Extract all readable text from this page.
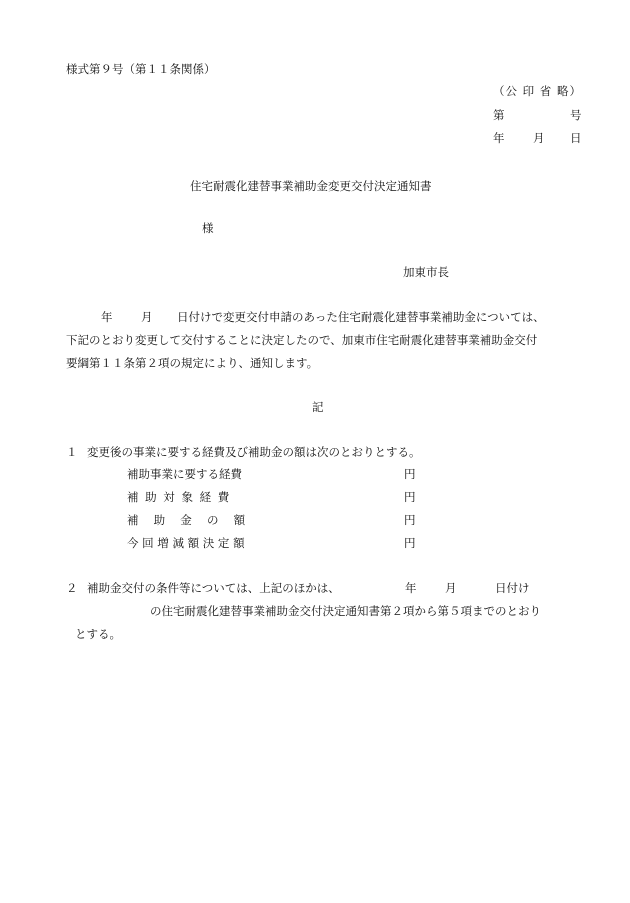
様式第９号（第１１条関係）
（公 印 省 略）
第	号
年 月 日
住宅耐震化建替事業補助金変更交付決定通知書
様
加東市長
年 月 日付けで変更交付申請のあった住宅耐震化建替事業補助金については、
下記のとおり変更して交付することに決定したので、加東市住宅耐震化建替事業補助金交付
要綱第１１条第２項の規定により、通知します。
記
１ 変更後の事業に要する経費及び補助金の額は次のとおりとする。
補助事業に要する経費	円
補 助 対 象 経 費	円
補　 助 　金 　の 　額	円
今 回 増 減 額 決 定 額	円
２ 補助金交付の条件等については、上記のほかは、	年 月	日付け
の住宅耐震化建替事業補助金交付決定通知書第２項から第５項までのとおり
とする。
